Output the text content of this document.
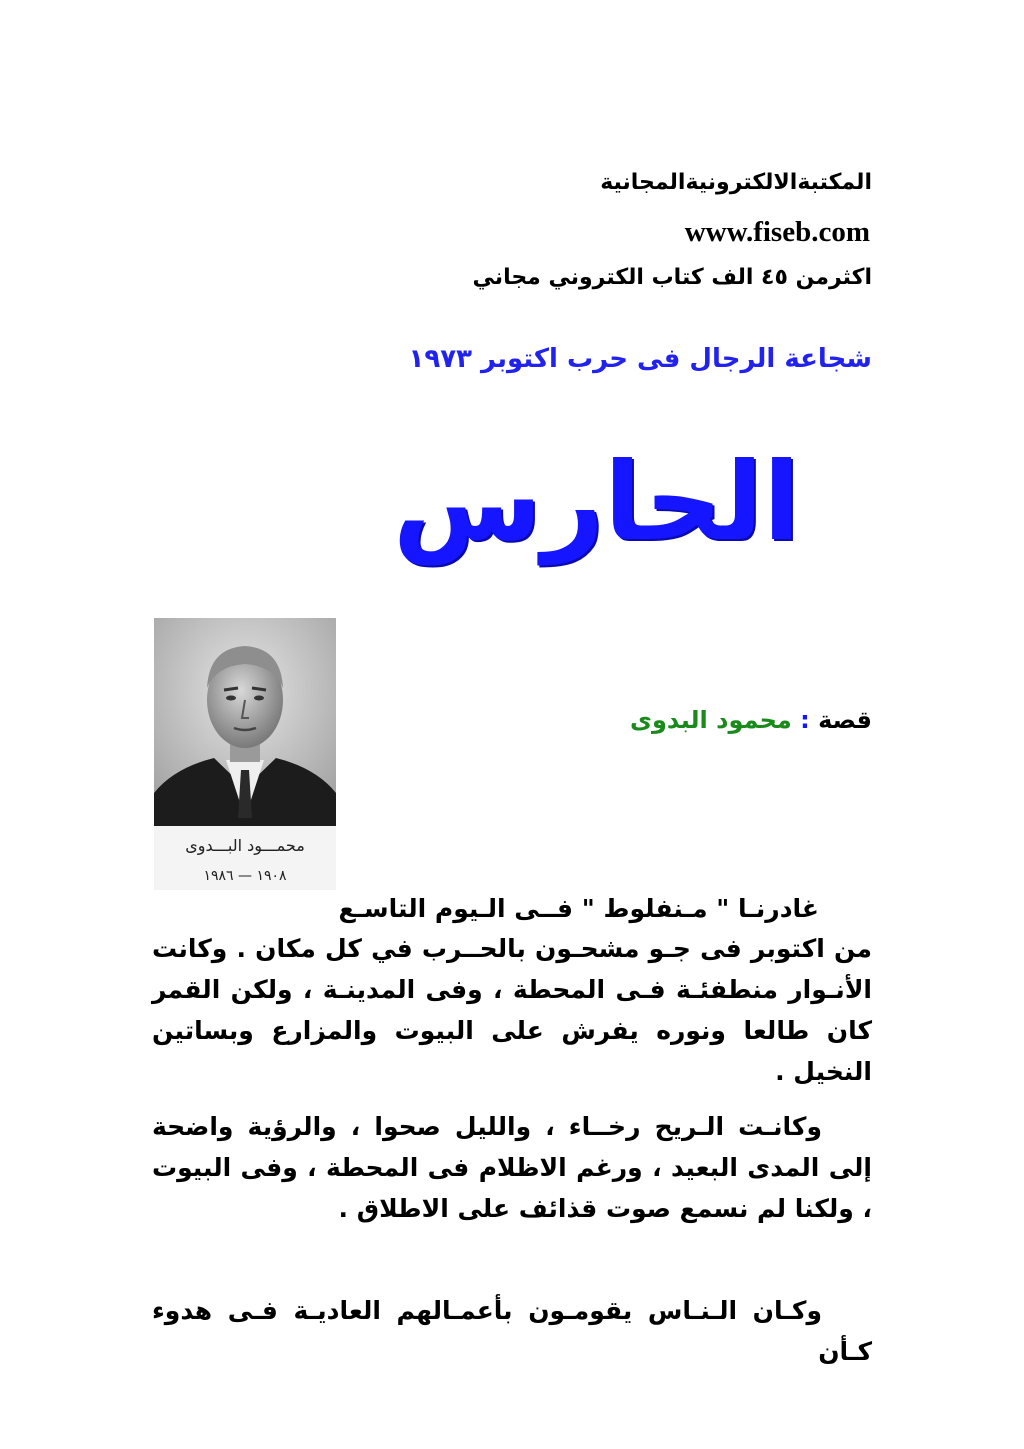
المكتبةالالكترونيةالمجانية
www.fiseb.com
اكثرمن ٤٥ الف كتاب الكتروني مجاني
شجاعة الرجال فى حرب اكتوبر ١٩٧٣
الحارس
محمـــود البـــدوى
١٩٠٨ — ١٩٨٦
قصة : محمود البدوى
غادرنـا " مـنفلوط " فــى الـيوم التاسـع
من اكتوبر فى جـو مشحـون بالحــرب في كل مكان . وكانت الأنـوار منطفئـة فـى المحطة ، وفى المدينـة ، ولكن القمر كان طالعا ونوره يفرش على البيوت والمزارع وبساتين النخيل .
وكانـت الـريح رخــاء ، والليل صحوا ، والرؤية واضحة إلى المدى البعيد ، ورغم الاظلام فى المحطة ، وفى البيوت ، ولكنا لم نسمع صوت قذائف على الاطلاق .
وكـان الـنـاس يقومـون بأعمـالهم العاديـة فـى هدوء كـأن
